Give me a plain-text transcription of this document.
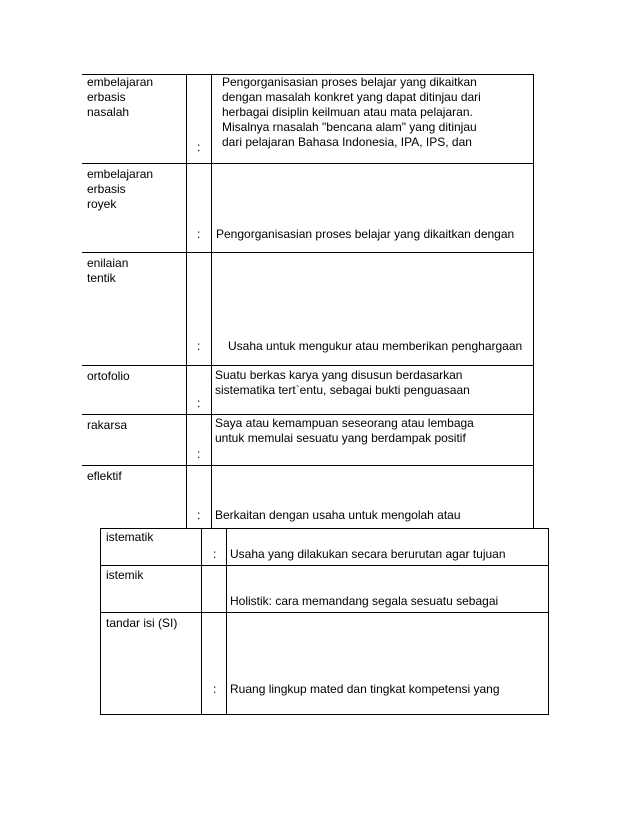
embelajaran
erbasis
nasalah
:
Pengorganisasian proses belajar yang dikaitkan
dengan masalah konkret yang dapat ditinjau dari
herbagai disiplin keilmuan atau mata pelajaran.
Misalnya rnasalah "bencana alam" yang ditinjau
dari pelajaran Bahasa Indonesia, IPA, IPS, dan
embelajaran
erbasis
royek
: Pengorganisasian proses belajar yang dikaitkan dengan
enilaian
tentik
: Usaha untuk mengukur atau memberikan penghargaan
ortofolio
:
Suatu berkas karya yang disusun berdasarkan
sistematika tert`entu, sebagai bukti penguasaan
rakarsa
:
Saya atau kemampuan seseorang atau lembaga
untuk memulai sesuatu yang berdampak positif
eflektif
: Berkaitan dengan usaha untuk mengolah atau
istematik
: Usaha yang dilakukan secara berurutan agar tujuan
istemik
Holistik: cara memandang segala sesuatu sebagai
tandar isi (SI)
: Ruang lingkup mated dan tingkat kompetensi yang
